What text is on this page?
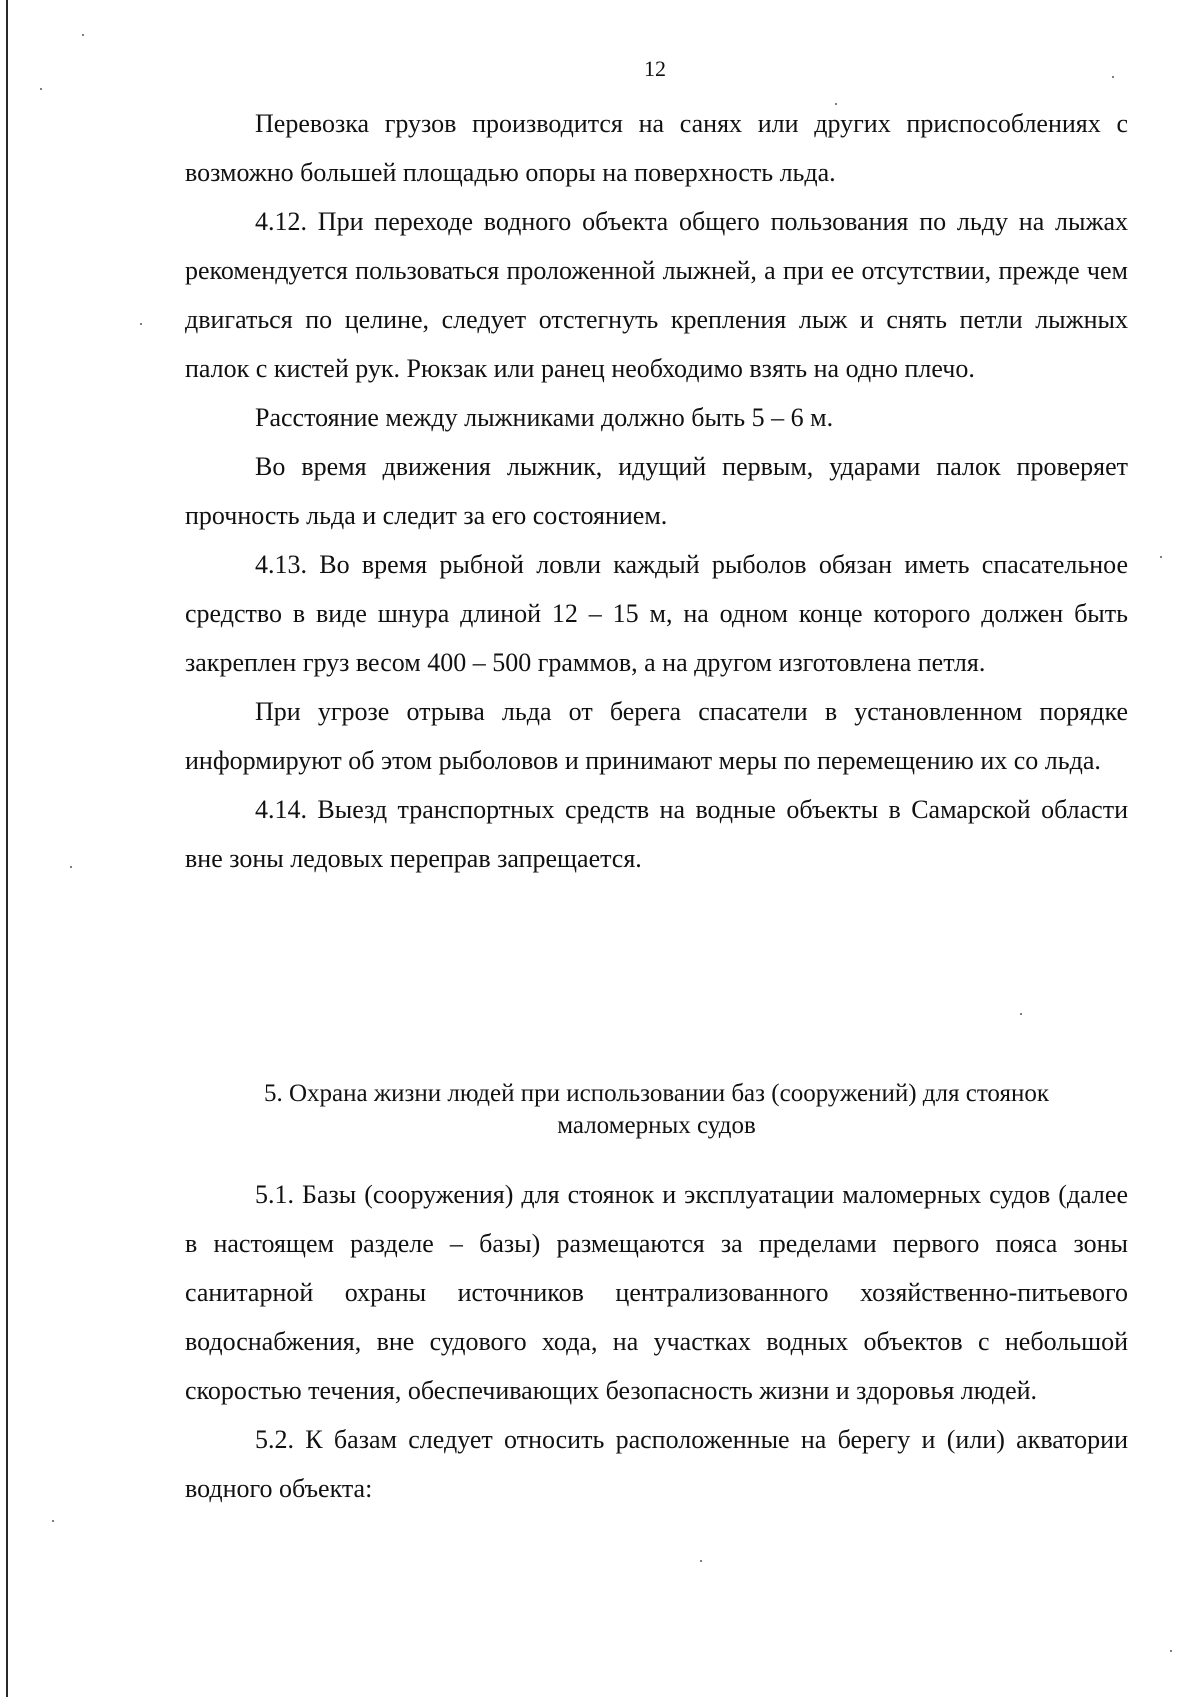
12

Перевозка грузов производится на санях или других приспособлениях с возможно большей площадью опоры на поверхность льда.

4.12. При переходе водного объекта общего пользования по льду на лыжах рекомендуется пользоваться проложенной лыжней, а при ее отсутствии, прежде чем двигаться по целине, следует отстегнуть крепления лыж и снять петли лыжных палок с кистей рук. Рюкзак или ранец необходимо взять на одно плечо.

Расстояние между лыжниками должно быть 5 – 6 м.

Во время движения лыжник, идущий первым, ударами палок проверяет прочность льда и следит за его состоянием.

4.13. Во время рыбной ловли каждый рыболов обязан иметь спасательное средство в виде шнура длиной 12 – 15 м, на одном конце которого должен быть закреплен груз весом 400 – 500 граммов, а на другом изготовлена петля.

При угрозе отрыва льда от берега спасатели в установленном порядке информируют об этом рыболовов и принимают меры по перемещению их со льда.

4.14. Выезд транспортных средств на водные объекты в Самарской области вне зоны ледовых переправ запрещается.

5. Охрана жизни людей при использовании баз (сооружений) для стоянок

маломерных судов

5.1. Базы (сооружения) для стоянок и эксплуатации маломерных судов (далее в настоящем разделе – базы) размещаются за пределами первого пояса зоны санитарной охраны источников централизованного хозяйственно-питьевого водоснабжения, вне судового хода, на участках водных объектов с небольшой скоростью течения, обеспечивающих безопасность жизни и здоровья людей.

5.2. К базам следует относить расположенные на берегу и (или) акватории водного объекта:
